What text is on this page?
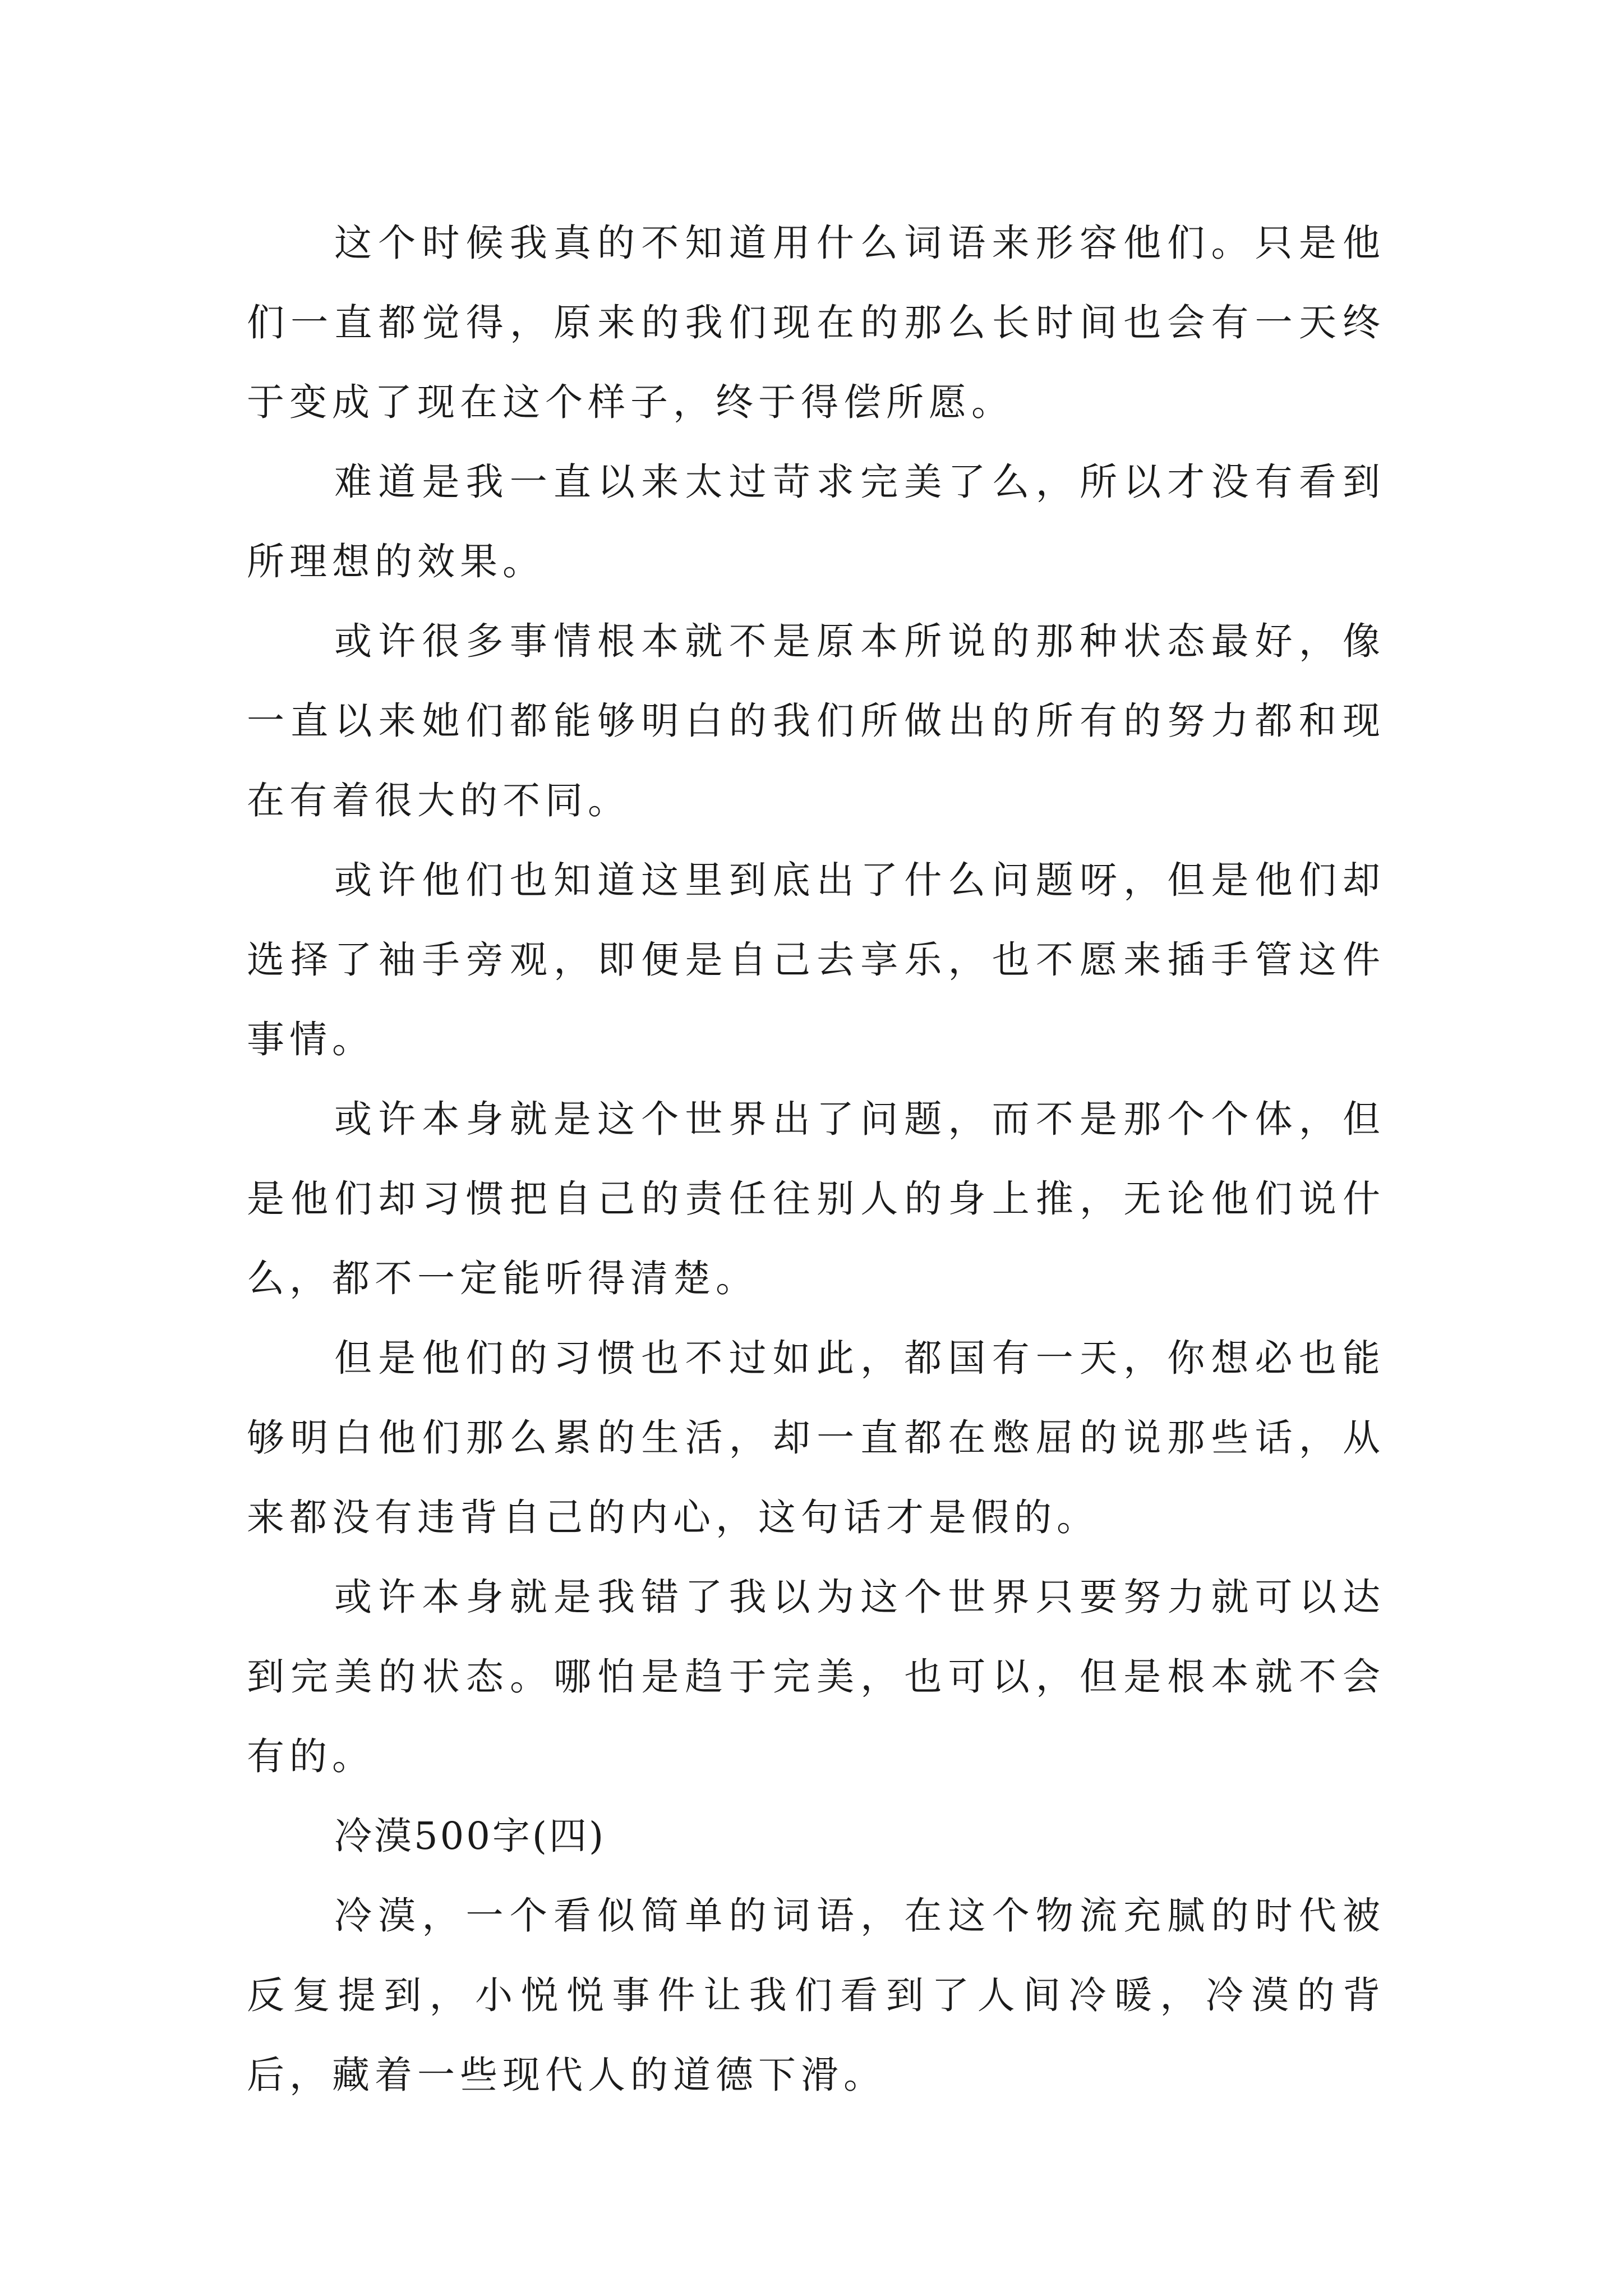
这个时候我真的不知道用什么词语来形容他们。只是他们一直都觉得，原来的我们现在的那么长时间也会有一天终于变成了现在这个样子，终于得偿所愿。

难道是我一直以来太过苛求完美了么，所以才没有看到所理想的效果。

或许很多事情根本就不是原本所说的那种状态最好，像一直以来她们都能够明白的我们所做出的所有的努力都和现在有着很大的不同。

或许他们也知道这里到底出了什么问题呀，但是他们却选择了袖手旁观，即便是自己去享乐，也不愿来插手管这件事情。

或许本身就是这个世界出了问题，而不是那个个体，但是他们却习惯把自己的责任往别人的身上推，无论他们说什么，都不一定能听得清楚。

但是他们的习惯也不过如此，都国有一天，你想必也能够明白他们那么累的生活，却一直都在憋屈的说那些话，从来都没有违背自己的内心，这句话才是假的。

或许本身就是我错了我以为这个世界只要努力就可以达到完美的状态。哪怕是趋于完美，也可以，但是根本就不会有的。

冷漠500字(四)

冷漠，一个看似简单的词语，在这个物流充腻的时代被反复提到，小悦悦事件让我们看到了人间冷暖，冷漠的背后，藏着一些现代人的道德下滑。
